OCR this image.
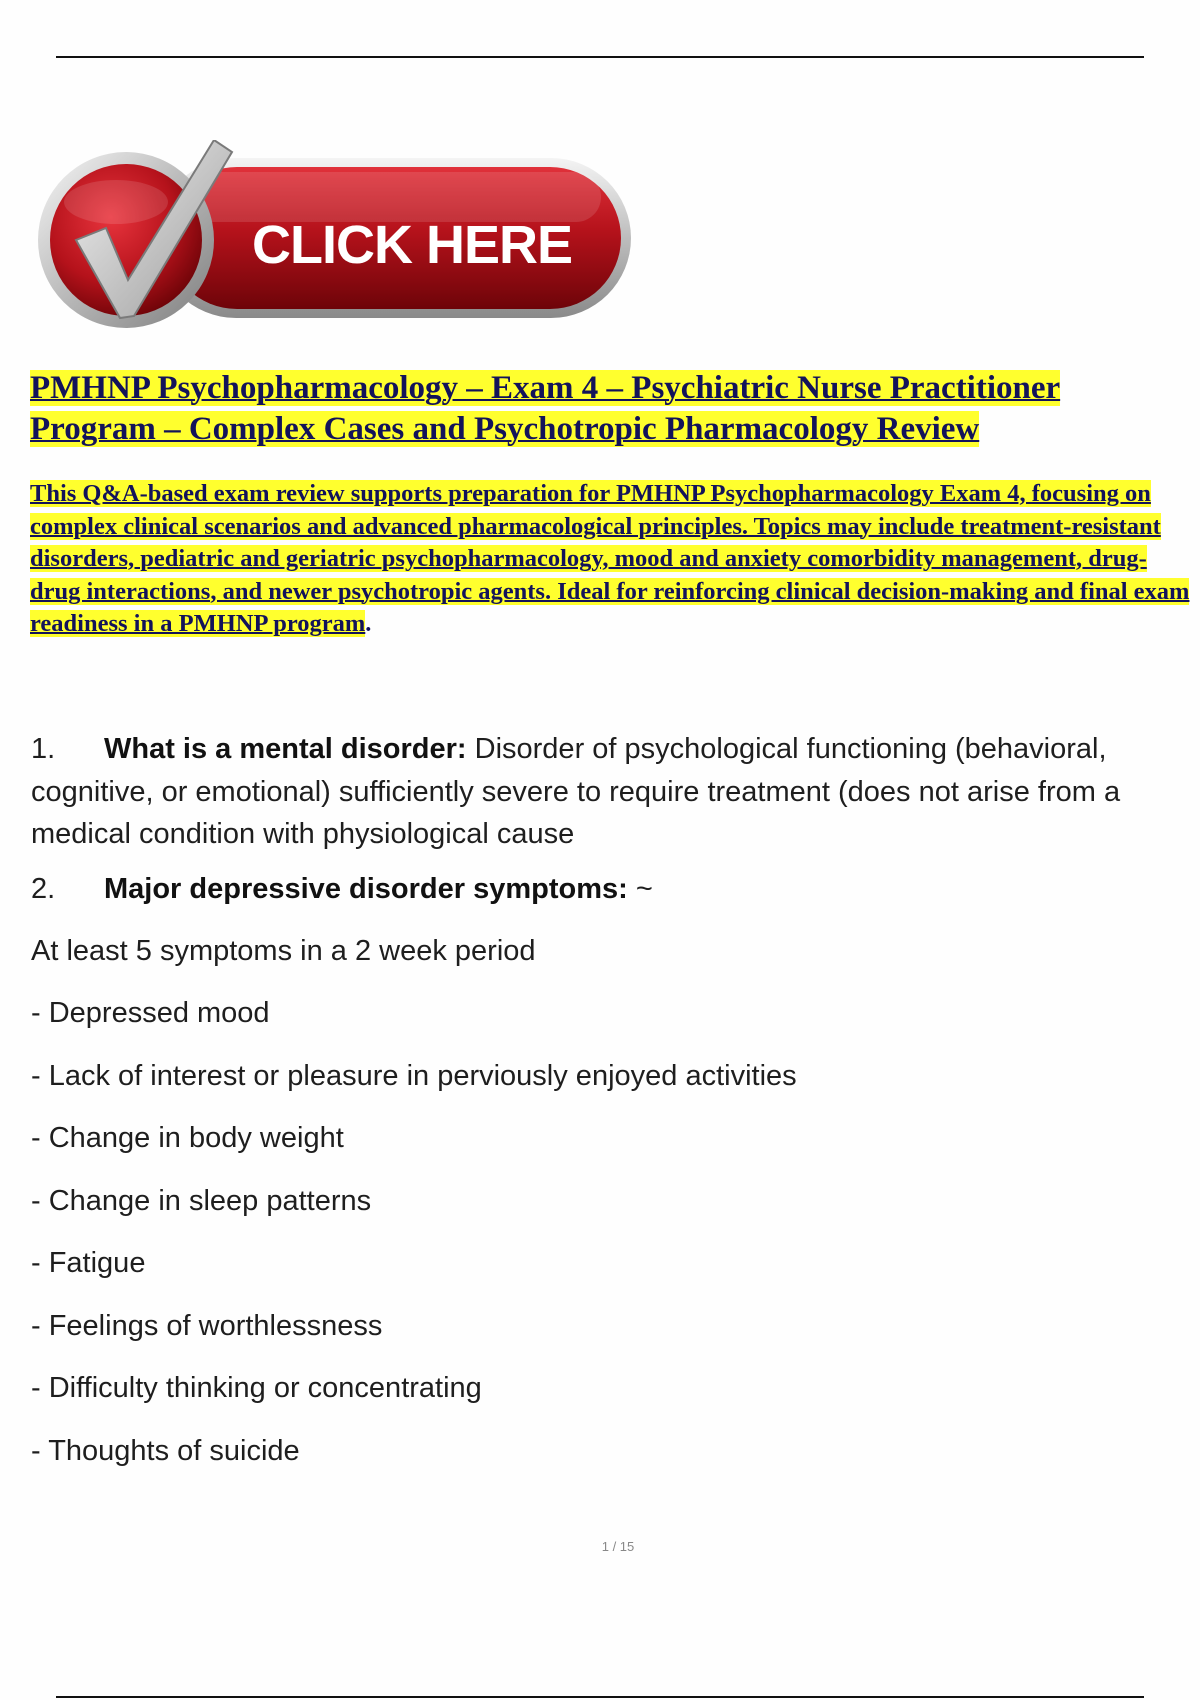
CLICK HERE
PMHNP Psychopharmacology – Exam 4 – Psychiatric Nurse Practitioner Program – Complex Cases and Psychotropic Pharmacology Review

This Q&A-based exam review supports preparation for PMHNP Psychopharmacology Exam 4, focusing on complex clinical scenarios and advanced pharmacological principles. Topics may include treatment-resistant disorders, pediatric and geriatric psychopharmacology, mood and anxiety comorbidity management, drug-drug interactions, and newer psychotropic agents. Ideal for reinforcing clinical decision-making and final exam readiness in a PMHNP program.

1. What is a mental disorder: Disorder of psychological functioning (behavioral, cognitive, or emotional) sufficiently severe to require treatment (does not arise from a medical condition with physiological cause

2. Major depressive disorder symptoms: ~

At least 5 symptoms in a 2 week period

- Depressed mood

- Lack of interest or pleasure in perviously enjoyed activities

- Change in body weight

- Change in sleep patterns

- Fatigue

- Feelings of worthlessness

- Difficulty thinking or concentrating

- Thoughts of suicide

1 / 15
